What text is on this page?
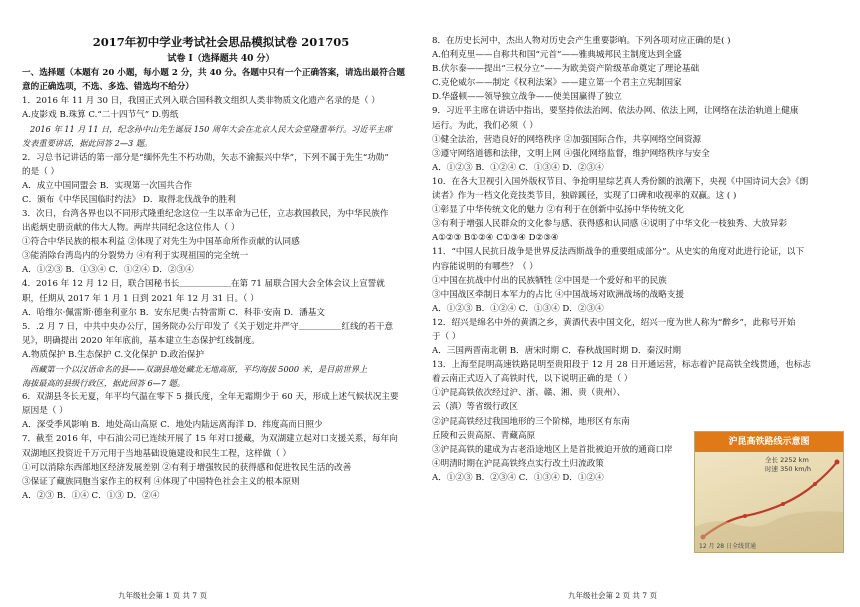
2017年初中学业考试社会思品模拟试卷 201705
试卷 I（选择题共 40 分）

一、选择题（本题有 20 小题，每小题 2 分，共 40 分。各题中只有一个正确答案，请选出最符合题

意的正确选项，不选、多选、错选均不给分）

1．2016 年 11 月 30 日，我国正式列入联合国科教文组织人类非物质文化遗产名录的是（ ）

A.皮影戏 B.珠算 C.“二十四节气” D.剪纸

2016 年 11 月 11 日，纪念孙中山先生诞辰 150 周年大会在北京人民大会堂隆重举行。习近平主席

发表重要讲话，据此回答 2—3 题。

2．习总书记讲话的第一部分是“缅怀先生不朽功勋，矢志不渝振兴中华”，下列不属于先生“功勋”

的是（ ）

A．成立中国同盟会 B．实现第一次国共合作

C．颁布《中华民国临时约法》 D．取得北伐战争的胜利

3．次日，台湾各界也以不同形式隆重纪念这位一生以革命为己任，立志救国救民，为中华民族作

出彪炳史册贡献的伟大人物。两岸共同纪念这位伟人（ ）

①符合中华民族的根本利益 ②体现了对先生为中国革命所作贡献的认同感

③能消除台湾岛内的分裂势力 ④有利于实现祖国的完全统一

A．①②③ B．①③④ C．①②④ D．②③④

4．2016 年 12 月 12 日，联合国秘书长＿＿＿＿＿＿在第 71 届联合国大会全体会议上宣誓就

职，任期从 2017 年 1 月 1 日到 2021 年 12 月 31 日。（ ）

A．哈维尔·佩雷斯·德奎利亚尔 B．安东尼奥·古特雷斯 C．科菲·安南 D．潘基文

5．.2 月 7 日，中共中央办公厅，国务院办公厅印发了《关于划定并严守＿＿＿＿＿红线的若干意

见》，明确提出 2020 年年底前，基本建立生态保护红线制度。

A.物质保护 B.生态保护 C.文化保护 D.政治保护

西藏第一个以汉语命名的县——双湖县地处藏北无地高原，平均海拔 5000 米，是目前世界上

海拔最高的县级行政区，据此回答 6—7 题。

6．双湖县冬长无夏，年平均气温在零下 5 摄氏度，全年无霜期少于 60 天，形成上述气候状况主要

原因是（ ）

A．深受季风影响 B．地处高山高原 C．地处内陆远离海洋 D．纬度高而日照少

7．截至 2016 年，中石油公司已连续开展了 15 年对口援藏，为双湖建立起对口支援关系，每年向

双湖地区投资近千万元用于当地基础设施建设和民生工程，这样做（ ）

①可以消除东西部地区经济发展差别 ②有利于增强牧民的获得感和促进牧民生活的改善

③保证了藏族同胞当家作主的权利 ④体现了中国特色社会主义的根本原则

A．②③ B．①④ C．①③ D．②④

8．在历史长河中，杰出人物对历史会产生重要影响。下列各项对应正确的是( )

A.伯利克里——自称共和国“元首”——雅典城邦民主制度达到全盛

B.伏尔泰——提出“三权分立”——为欧美资产阶级革命奠定了理论基础

C.克伦威尔——制定《权利法案》——建立第一个君主立宪制国家

D.华盛顿——领导独立战争——使美国赢得了独立

9．习近平主席在讲话中指出，要坚持依法治网、依法办网、依法上网，让网络在法治轨道上健康

运行。为此，我们必须（ ）

①健全法治，营造良好的网络秩序 ②加强国际合作，共享网络空间资源

③遵守网络道德和法律，文明上网 ④强化网络监督，维护网络秩序与安全

A．①②③ B．①②④ C．①③④ D．②③④

10．在各大卫视引入国外版权节目、争抢明星综艺真人秀份额的浪潮下，央视《中国诗词大会》《朗

读者》作为一档文化竞技类节目，独辟蹊径，实现了口碑和收视率的双赢。这 ( )

①彰显了中华传统文化的魅力 ②有利于在创新中弘扬中华传统文化

③有利于增强人民群众的文化参与感、获得感和认同感 ④说明了中华文化一枝独秀、大放异彩

A①②③ B①②④ C①③④ D②③④

11．“中国人民抗日战争是世界反法西斯战争的重要组成部分”。从史实的角度对此进行论证，以下

内容能说明的有哪些？（ ）

①中国在抗战中付出的民族牺牲 ②中国是一个爱好和平的民族

③中国战区牵制日本军力的占比 ④中国战场对欧洲战场的战略支援

A．①②③ B．①②④ C．①③④ D．②③④

12．绍兴是绵名中外的黄酒之乡，黄酒代表中国文化，绍兴一度为世人称为“醉乡”，此称号开始

于（ ）

A．三国两晋南北朝 B．唐宋时期 C．春秋战国时期 D．秦汉时期

13．上海至昆明高速铁路昆明至贵阳段于 12 月 28 日开通运营，标志着沪昆高铁全线贯通，也标志

着云南正式迈入了高铁时代，以下说明正确的是（ ）

①沪昆高铁依次经过沪、浙、赣、湘、贵（贵州）、

云（滇）等省级行政区

②沪昆高铁经过我国地形的三个阶梯，地形区有东南

丘陵和云贵高原、青藏高原

③沪昆高铁的建成为古老沿途地区上是首批被迫开放的通商口岸

④明清时期在沪昆高铁终点实行改土归流政策

A．①②③ B．②③④ C．①③④ D．①②④

沪昆高铁路线示意图
全长 2252 km
时速 350 km/h
12 月 28 日全线贯通
九年级社会第 1 页 共 7 页	九年级社会第 2 页 共 7 页
